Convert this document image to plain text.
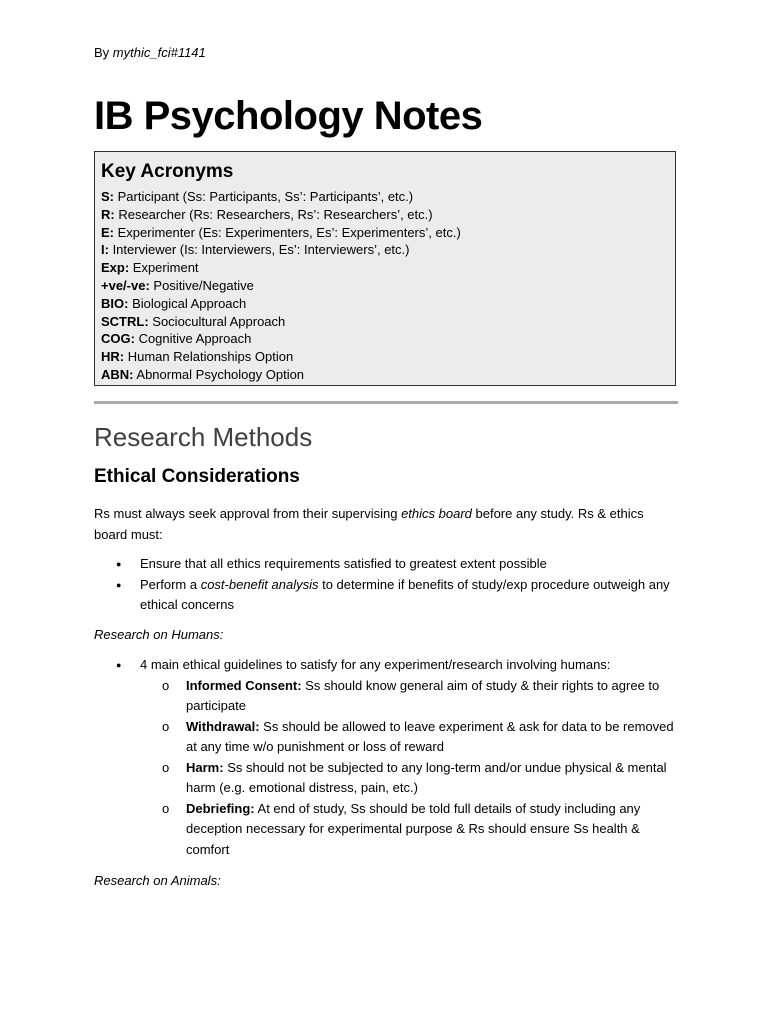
By mythic_fci#1141
IB Psychology Notes
Key Acronyms
S: Participant (Ss: Participants, Ss’: Participants’, etc.)
R: Researcher (Rs: Researchers, Rs’: Researchers’, etc.)
E: Experimenter (Es: Experimenters, Es’: Experimenters’, etc.)
I: Interviewer (Is: Interviewers, Es’: Interviewers’, etc.)
Exp: Experiment
+ve/-ve: Positive/Negative
BIO: Biological Approach
SCTRL: Sociocultural Approach
COG: Cognitive Approach
HR: Human Relationships Option
ABN: Abnormal Psychology Option
Research Methods
Ethical Considerations

Rs must always seek approval from their supervising ethics board before any study. Rs & ethics board must:

● Ensure that all ethics requirements satisfied to greatest extent possible
● Perform a cost-benefit analysis to determine if benefits of study/exp procedure outweigh any ethical concerns

Research on Humans:

● 4 main ethical guidelines to satisfy for any experiment/research involving humans:
o Informed Consent: Ss should know general aim of study & their rights to agree to participate
o Withdrawal: Ss should be allowed to leave experiment & ask for data to be removed at any time w/o punishment or loss of reward
o Harm: Ss should not be subjected to any long-term and/or undue physical & mental harm (e.g. emotional distress, pain, etc.)
o Debriefing: At end of study, Ss should be told full details of study including any deception necessary for experimental purpose & Rs should ensure Ss health & comfort

Research on Animals:
